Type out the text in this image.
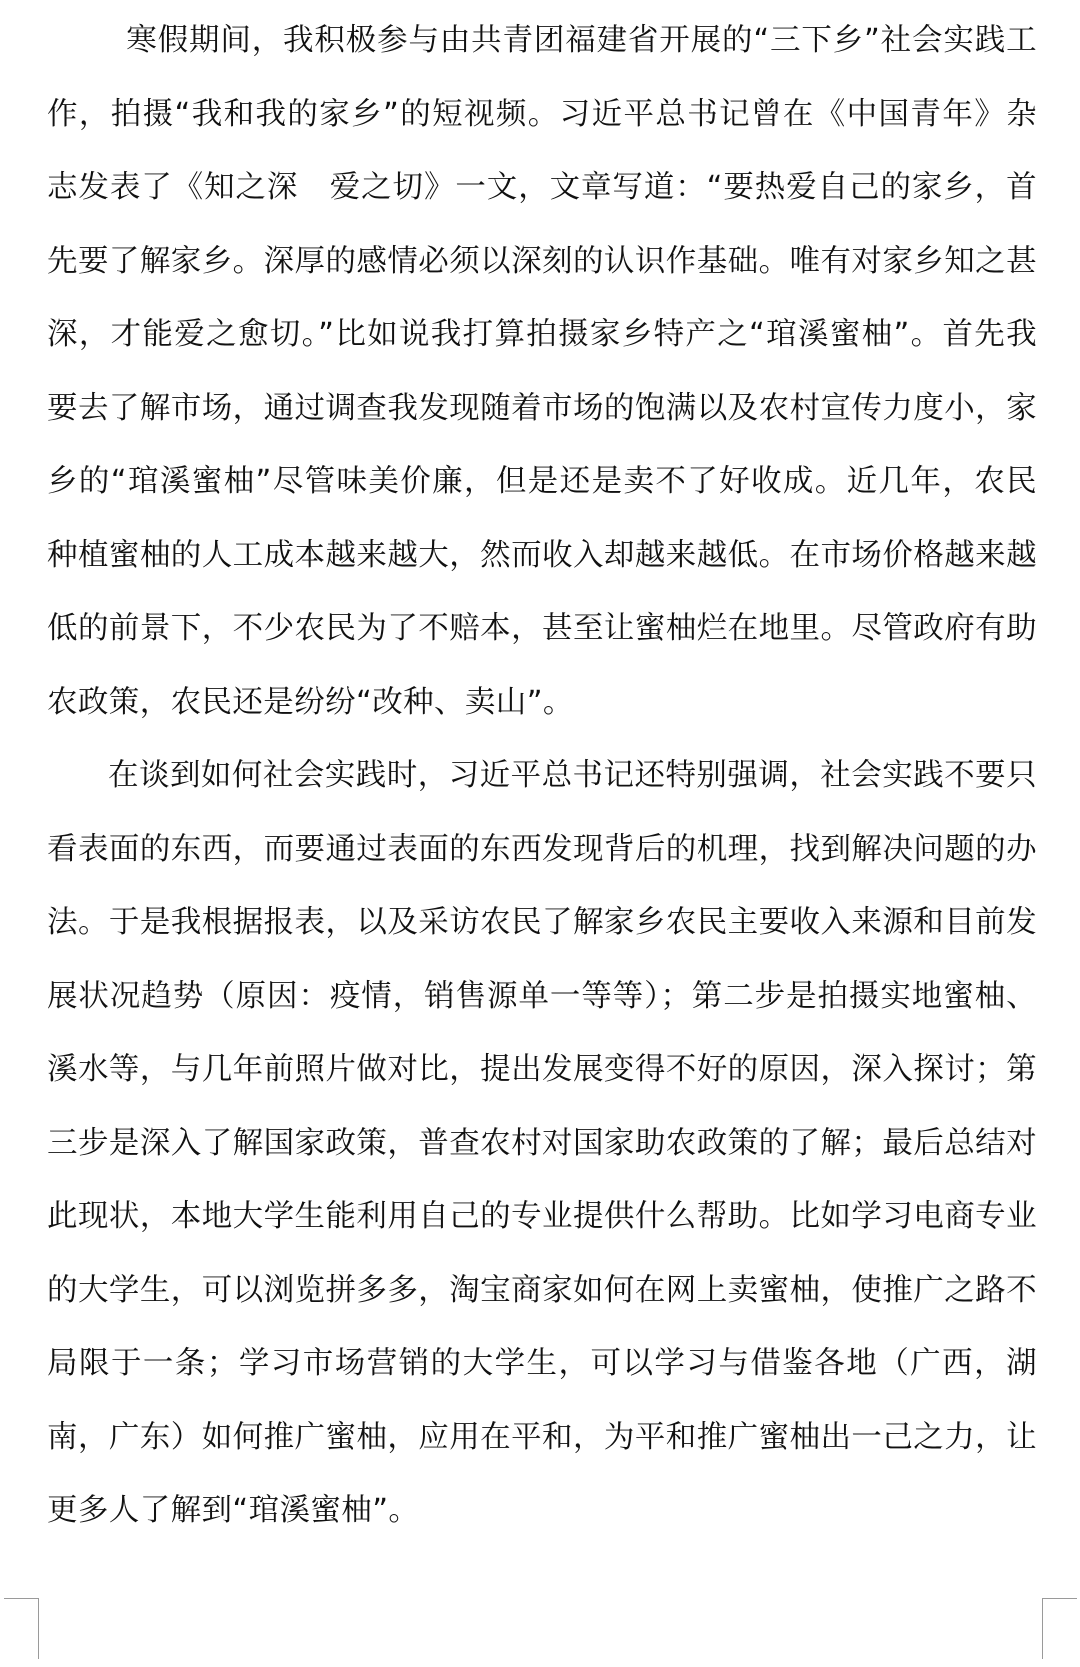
寒假期间，我积极参与由共青团福建省开展的“三下乡”社会实践工作，拍摄“我和我的家乡”的短视频。习近平总书记曾在《中国青年》杂志发表了《知之深　爱之切》一文，文章写道：“要热爱自己的家乡，首先要了解家乡。深厚的感情必须以深刻的认识作基础。唯有对家乡知之甚深，才能爱之愈切。”比如说我打算拍摄家乡特产之“琯溪蜜柚”。首先我要去了解市场，通过调查我发现随着市场的饱满以及农村宣传力度小，家乡的“琯溪蜜柚”尽管味美价廉，但是还是卖不了好收成。近几年，农民种植蜜柚的人工成本越来越大，然而收入却越来越低。在市场价格越来越低的前景下，不少农民为了不赔本，甚至让蜜柚烂在地里。尽管政府有助农政策，农民还是纷纷“改种、卖山”。

在谈到如何社会实践时，习近平总书记还特别强调，社会实践不要只看表面的东西，而要通过表面的东西发现背后的机理，找到解决问题的办法。于是我根据报表，以及采访农民了解家乡农民主要收入来源和目前发展状况趋势（原因：疫情，销售源单一等等）；第二步是拍摄实地蜜柚、溪水等，与几年前照片做对比，提出发展变得不好的原因，深入探讨；第三步是深入了解国家政策，普查农村对国家助农政策的了解；最后总结对此现状，本地大学生能利用自己的专业提供什么帮助。比如学习电商专业的大学生，可以浏览拼多多，淘宝商家如何在网上卖蜜柚，使推广之路不局限于一条；学习市场营销的大学生，可以学习与借鉴各地（广西，湖南，广东）如何推广蜜柚，应用在平和，为平和推广蜜柚出一己之力，让更多人了解到“琯溪蜜柚”。
